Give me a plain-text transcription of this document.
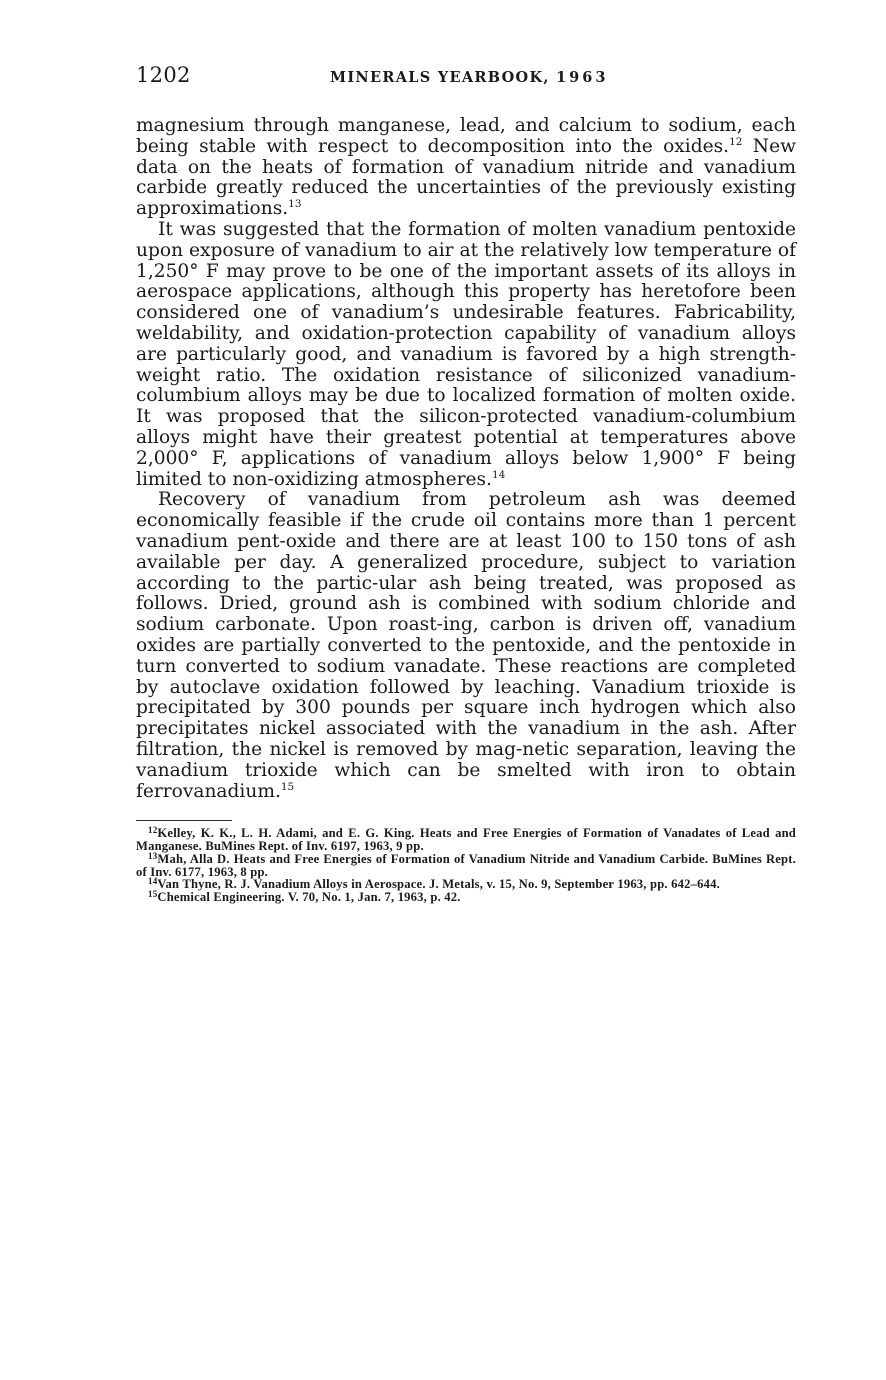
1202	MINERALS YEARBOOK, 1963

magnesium through manganese, lead, and calcium to sodium, each being stable with respect to decomposition into the oxides.$^{12}$ New data on the heats of formation of vanadium nitride and vanadium carbide greatly reduced the uncertainties of the previously existing approximations.$^{13}$

It was suggested that the formation of molten vanadium pentoxide upon exposure of vanadium to air at the relatively low temperature of 1,250° F may prove to be one of the important assets of its alloys in aerospace applications, although this property has heretofore been considered one of vanadium’s undesirable features. Fabricability, weldability, and oxidation-protection capability of vanadium alloys are particularly good, and vanadium is favored by a high strength-weight ratio. The oxidation resistance of siliconized vanadium-columbium alloys may be due to localized formation of molten oxide. It was proposed that the silicon-protected vanadium-columbium alloys might have their greatest potential at temperatures above 2,000° F, applications of vanadium alloys below 1,900° F being limited to non-oxidizing atmospheres.$^{14}$

Recovery of vanadium from petroleum ash was deemed economically feasible if the crude oil contains more than 1 percent vanadium pent-oxide and there are at least 100 to 150 tons of ash available per day. A generalized procedure, subject to variation according to the partic-ular ash being treated, was proposed as follows. Dried, ground ash is combined with sodium chloride and sodium carbonate. Upon roast-ing, carbon is driven off, vanadium oxides are partially converted to the pentoxide, and the pentoxide in turn converted to sodium vanadate. These reactions are completed by autoclave oxidation followed by leaching. Vanadium trioxide is precipitated by 300 pounds per square inch hydrogen which also precipitates nickel associated with the vanadium in the ash. After filtration, the nickel is removed by mag-netic separation, leaving the vanadium trioxide which can be smelted with iron to obtain ferrovanadium.$^{15}$

$^{12}$Kelley, K. K., L. H. Adami, and E. G. King. Heats and Free Energies of Formation of Vanadates of Lead and Manganese. BuMines Rept. of Inv. 6197, 1963, 9 pp.

$^{13}$Mah, Alla D. Heats and Free Energies of Formation of Vanadium Nitride and Vanadium Carbide. BuMines Rept. of Inv. 6177, 1963, 8 pp.

$^{14}$Van Thyne, R. J. Vanadium Alloys in Aerospace. J. Metals, v. 15, No. 9, September 1963, pp. 642–644.

$^{15}$Chemical Engineering. V. 70, No. 1, Jan. 7, 1963, p. 42.
